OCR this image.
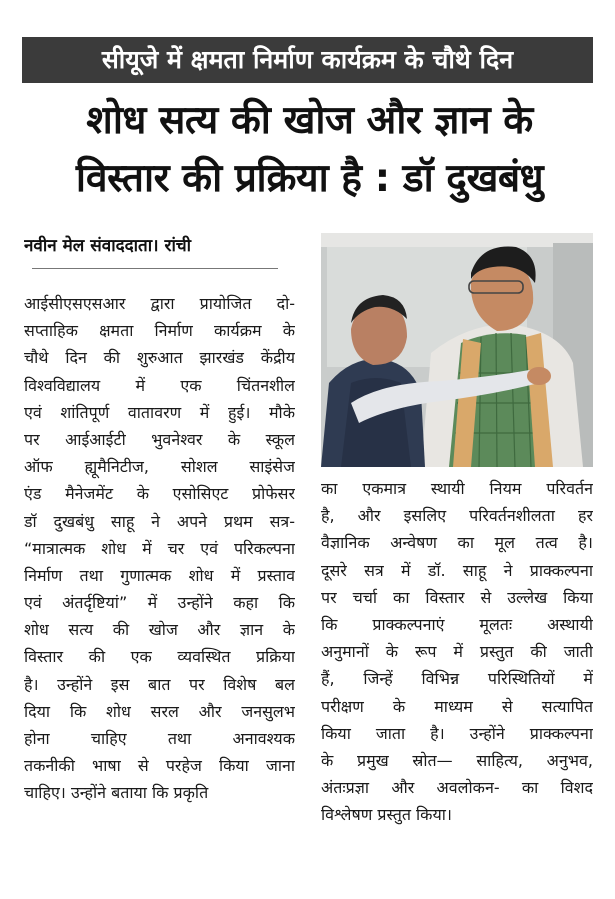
सीयूजे में क्षमता निर्माण कार्यक्रम के चौथे दिन
शोध सत्य की खोज और ज्ञान के
विस्तार की प्रक्रिया है : डॉ दुखबंधु
नवीन मेल संवाददाता। रांची
आईसीएसएसआर द्वारा प्रायोजित दो-
सप्ताहिक क्षमता निर्माण कार्यक्रम के
चौथे दिन की शुरुआत झारखंड केंद्रीय
विश्वविद्यालय में एक चिंतनशील
एवं शांतिपूर्ण वातावरण में हुई। मौके
पर आईआईटी भुवनेश्वर के स्कूल
ऑफ ह्यूमैनिटीज, सोशल साइंसेज
एंड मैनेजमेंट के एसोसिएट प्रोफेसर
डॉ दुखबंधु साहू ने अपने प्रथम सत्र-
“मात्रात्मक शोध में चर एवं परिकल्पना
निर्माण तथा गुणात्मक शोध में प्रस्ताव
एवं अंतर्दृष्टियां” में उन्होंने कहा कि
शोध सत्य की खोज और ज्ञान के
विस्तार की एक व्यवस्थित प्रक्रिया
है। उन्होंने इस बात पर विशेष बल
दिया कि शोध सरल और जनसुलभ
होना चाहिए तथा अनावश्यक
तकनीकी भाषा से परहेज किया जाना
चाहिए। उन्होंने बताया कि प्रकृति
का एकमात्र स्थायी नियम परिवर्तन
है, और इसलिए परिवर्तनशीलता हर
वैज्ञानिक अन्वेषण का मूल तत्व है।
दूसरे सत्र में डॉ. साहू ने प्राक्कल्पना
पर चर्चा का विस्तार से उल्लेख किया
कि प्राक्कल्पनाएं मूलतः अस्थायी
अनुमानों के रूप में प्रस्तुत की जाती
हैं, जिन्हें विभिन्न परिस्थितियों में
परीक्षण के माध्यम से सत्यापित
किया जाता है। उन्होंने प्राक्कल्पना
के प्रमुख स्रोत— साहित्य, अनुभव,
अंतःप्रज्ञा और अवलोकन- का विशद
विश्लेषण प्रस्तुत किया।
